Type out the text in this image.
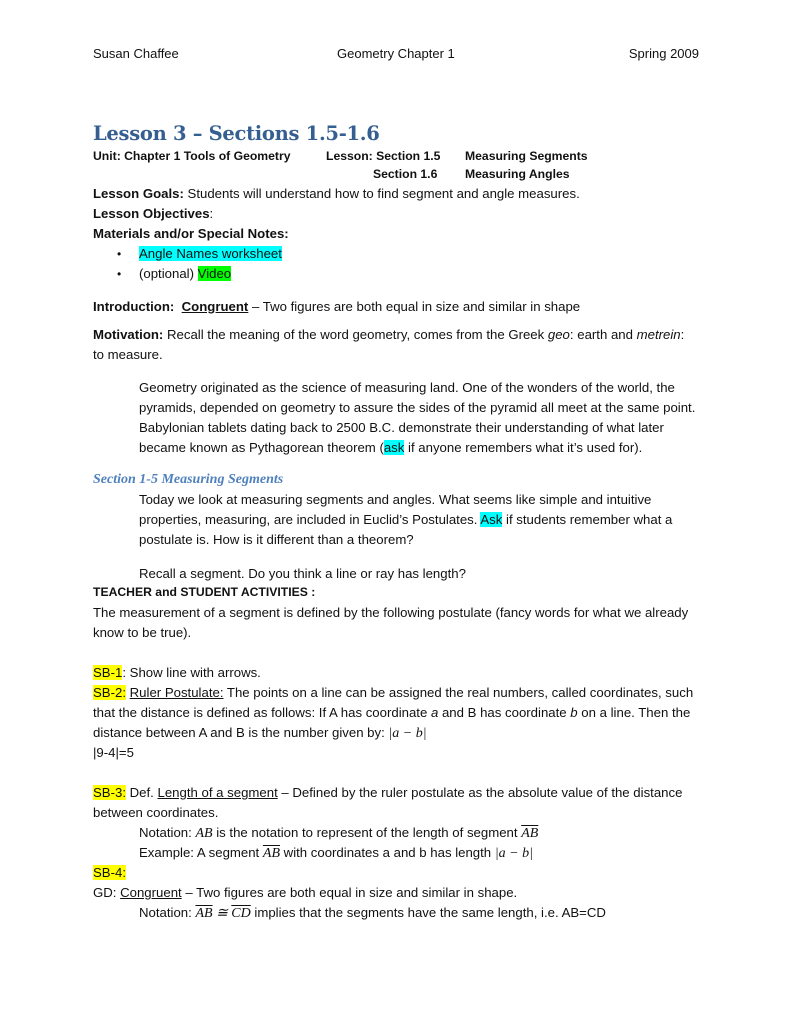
Susan Chaffee	Geometry Chapter 1	Spring 2009
Lesson 3 – Sections 1.5-1.6
Unit: Chapter 1 Tools of Geometry	Lesson: Section 1.5 Measuring Segments
Section 1.6 Measuring Angles
Lesson Goals: Students will understand how to find segment and angle measures.
Lesson Objectives:
Materials and/or Special Notes:
• Angle Names worksheet
• (optional) Video
Introduction: Congruent – Two figures are both equal in size and similar in shape
Motivation: Recall the meaning of the word geometry, comes from the Greek geo: earth and metrein:
to measure.
Geometry originated as the science of measuring land. One of the wonders of the world, the
pyramids, depended on geometry to assure the sides of the pyramid all meet at the same point.
Babylonian tablets dating back to 2500 B.C. demonstrate their understanding of what later
became known as Pythagorean theorem (ask if anyone remembers what it’s used for).
Section 1-5 Measuring Segments
Today we look at measuring segments and angles. What seems like simple and intuitive
properties, measuring, are included in Euclid’s Postulates. Ask if students remember what a
postulate is. How is it different than a theorem?
Recall a segment. Do you think a line or ray has length?
TEACHER and STUDENT ACTIVITIES :
The measurement of a segment is defined by the following postulate (fancy words for what we already
know to be true).
SB-1: Show line with arrows.
SB-2: Ruler Postulate: The points on a line can be assigned the real numbers, called coordinates, such
that the distance is defined as follows: If A has coordinate a and B has coordinate b on a line. Then the
distance between A and B is the number given by: |a − b|
|9-4|=5
SB-3: Def. Length of a segment – Defined by the ruler postulate as the absolute value of the distance
between coordinates.
Notation: AB is the notation to represent of the length of segment $\overline{AB}$
Example: A segment $\overline{AB}$ with coordinates a and b has length |a − b|
SB-4:
GD: Congruent – Two figures are both equal in size and similar in shape.
Notation: $\overline{AB}$ ≅ $\overline{CD}$ implies that the segments have the same length, i.e. AB=CD
